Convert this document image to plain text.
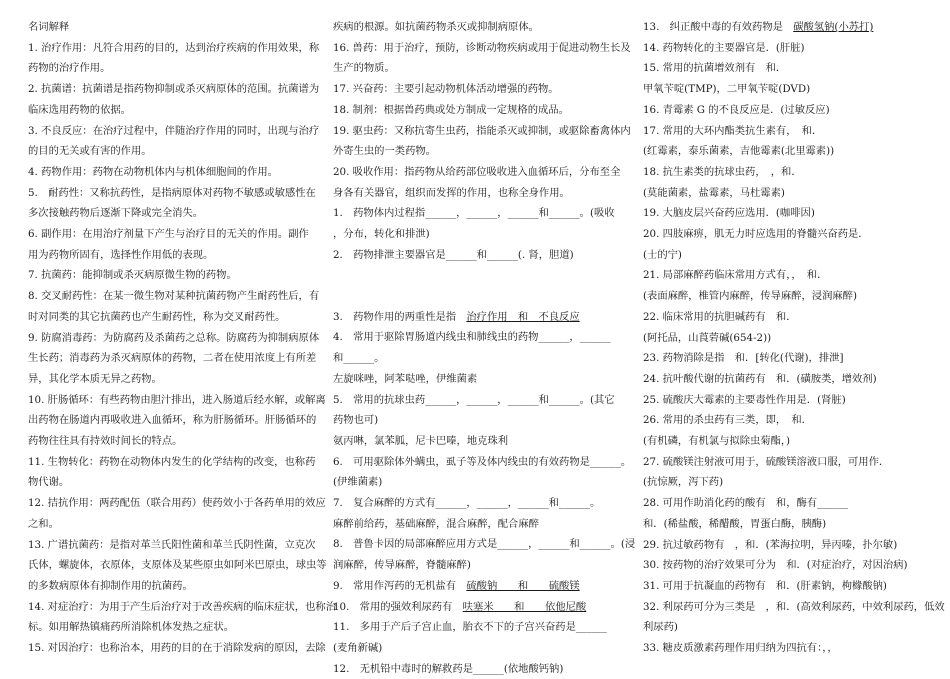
名词解释

1. 治疗作用：凡符合用药的目的，达到治疗疾病的作用效果，称

药物的治疗作用。

2. 抗菌谱：抗菌谱是指药物抑制或杀灭病原体的范围。抗菌谱为

临床选用药物的依据。

3. 不良反应：在治疗过程中，伴随治疗作用的同时，出现与治疗

的目的无关或有害的作用。

4. 药物作用：药物在动物机体内与机体细胞间的作用。

5.　耐药性：又称抗药性，是指病原体对药物不敏感或敏感性在

多次接触药物后逐渐下降或完全消失。

6. 副作用：在用治疗剂量下产生与治疗目的无关的作用。副作

用为药物所固有，选择性作用低的表现。

7. 抗菌药：能抑制或杀灭病原微生物的药物。

8. 交叉耐药性：在某一微生物对某种抗菌药物产生耐药性后，有

时对同类的其它抗菌药也产生耐药性，称为交叉耐药性。

9. 防腐消毒药：为防腐药及杀菌药之总称。防腐药为抑制病原体

生长药；消毒药为杀灭病原体的药物，二者在使用浓度上有所差

异，其化学本质无异之药物。

10. 肝肠循环：有些药物由胆汁排出，进入肠道后经水解，或解离

出药物在肠道内再吸收进入血循环，称为肝肠循环。肝肠循环的

药物往往具有持效时间长的特点。

11. 生物转化：药物在动物体内发生的化学结构的改变，也称药

物代谢。

12. 拮抗作用：两药配伍（联合用药）使药效小于各药单用的效应

之和。

13. 广谱抗菌药：是指对革兰氏阳性菌和革兰氏阴性菌，立克次

氏体，螺旋体，衣原体，支原体及某些原虫如阿米巴原虫，球虫等

的多数病原体有抑制作用的抗菌药。

14. 对症治疗：为用于产生后治疗对于改善疾病的临床症状，也称治

标。如用解热镇痛药所消除机体发热之症状。

15. 对因治疗：也称治本，用药的目的在于消除发病的原因，去除

疾病的根源。如抗菌药物杀灭或抑制病原体。

16. 兽药：用于治疗，预防，诊断动物疾病或用于促进动物生长及

生产的物质。

17. 兴奋药：主要引起动物机体活动增强的药物。

18. 制剂：根据兽药典或处方制成一定规格的成品。

19. 驱虫药：又称抗寄生虫药，指能杀灭或抑制，或驱除畜禽体内

外寄生虫的一类药物。

20. 吸收作用：指药物从给药部位吸收进入血循环后，分布至全

身各有关器官，组织而发挥的作用，也称全身作用。

1.　药物体内过程指______，______，______和______。(吸收

，分布，转化和排泄)

2.　药物排泄主要器官是______和______(. 肾，胆道)

3.　药物作用的两重性是指　 治疗作用　和　不良反应

4.　常用于驱除胃肠道内线虫和肺线虫的药物______，______

和______。

左旋咪唑，阿苯哒唑，伊维菌素

5.　常用的抗球虫药______，______，______和______。(其它

药物也可)

氨丙啉，氯苯胍，尼卡巴嗪，地克珠利

6.　可用驱除体外螨虫，虱子等及体内线虫的有效药物是______。

(伊维菌素)

7.　复合麻醉的方式有______，______，______和______。

麻醉前给药，基础麻醉，混合麻醉，配合麻醉

8.　普鲁卡因的局部麻醉应用方式是______，______和______。(浸

润麻醉，传导麻醉，脊髓麻醉)

9.　常用作泻药的无机盐有　 硫酸钠　　和　　硫酸镁

10.　常用的强效利尿药有　 呋塞米　　和　　依他尼酸

11.　多用于产后子宫止血，胎衣不下的子宫兴奋药是______

(麦角新碱)

12.　无机铅中毒时的解救药是______(依地酸钙钠)

13.　纠正酸中毒的有效药物是　 碳酸氢钠(小苏打)

14. 药物转化的主要器官是．(肝脏)

15. 常用的抗菌增效剂有　和．

甲氧苄啶(TMP)，二甲氧苄啶(DVD)

16. 青霉素 G 的不良反应是．(过敏反应)

17. 常用的大环内酯类抗生素有，　和．

(红霉素，泰乐菌素，吉他霉素(北里霉素))

18. 抗生素类的抗球虫药，　，和．

(莫能菌素，盐霉素，马杜霉素)

19. 大脑皮层兴奋药应选用．(咖啡因)

20. 四肢麻痹，肌无力时应选用的脊髓兴奋药是．

(士的宁)

21. 局部麻醉药临床常用方式有，，　和．

(表面麻醉，椎管内麻醉，传导麻醉，浸润麻醉)

22. 临床常用的抗胆碱药有　和．

(阿托品，山莨菪碱(654-2))

23. 药物消除是指　和．[转化(代谢)，排泄]

24. 抗叶酸代谢的抗菌药有　和．(磺胺类，增效剂)

25. 硫酸庆大霉素的主要毒性作用是．(肾脏)

26. 常用的杀虫药有三类，即，　和．

(有机磷，有机氯与拟除虫菊酯，)

27. 硫酸镁注射液可用于，硫酸镁溶液口服，可用作．

(抗惊厥，泻下药)

28. 可用作助消化药的酸有　和，酶有______

和．(稀盐酸，稀醋酸，胃蛋白酶，胰酶)

29. 抗过敏药物有　，和．(苯海拉明，异丙嗪，扑尔敏)

30. 按药物的治疗效果可分为　和．(对症治疗，对因治病)

31. 可用于抗凝血的药物有　和．(肝素钠，枸橼酸钠)

32. 利尿药可分为三类是　，和．(高效利尿药，中效利尿药，低效

利尿药)

33. 糖皮质激素药理作用归纳为四抗有：，，
